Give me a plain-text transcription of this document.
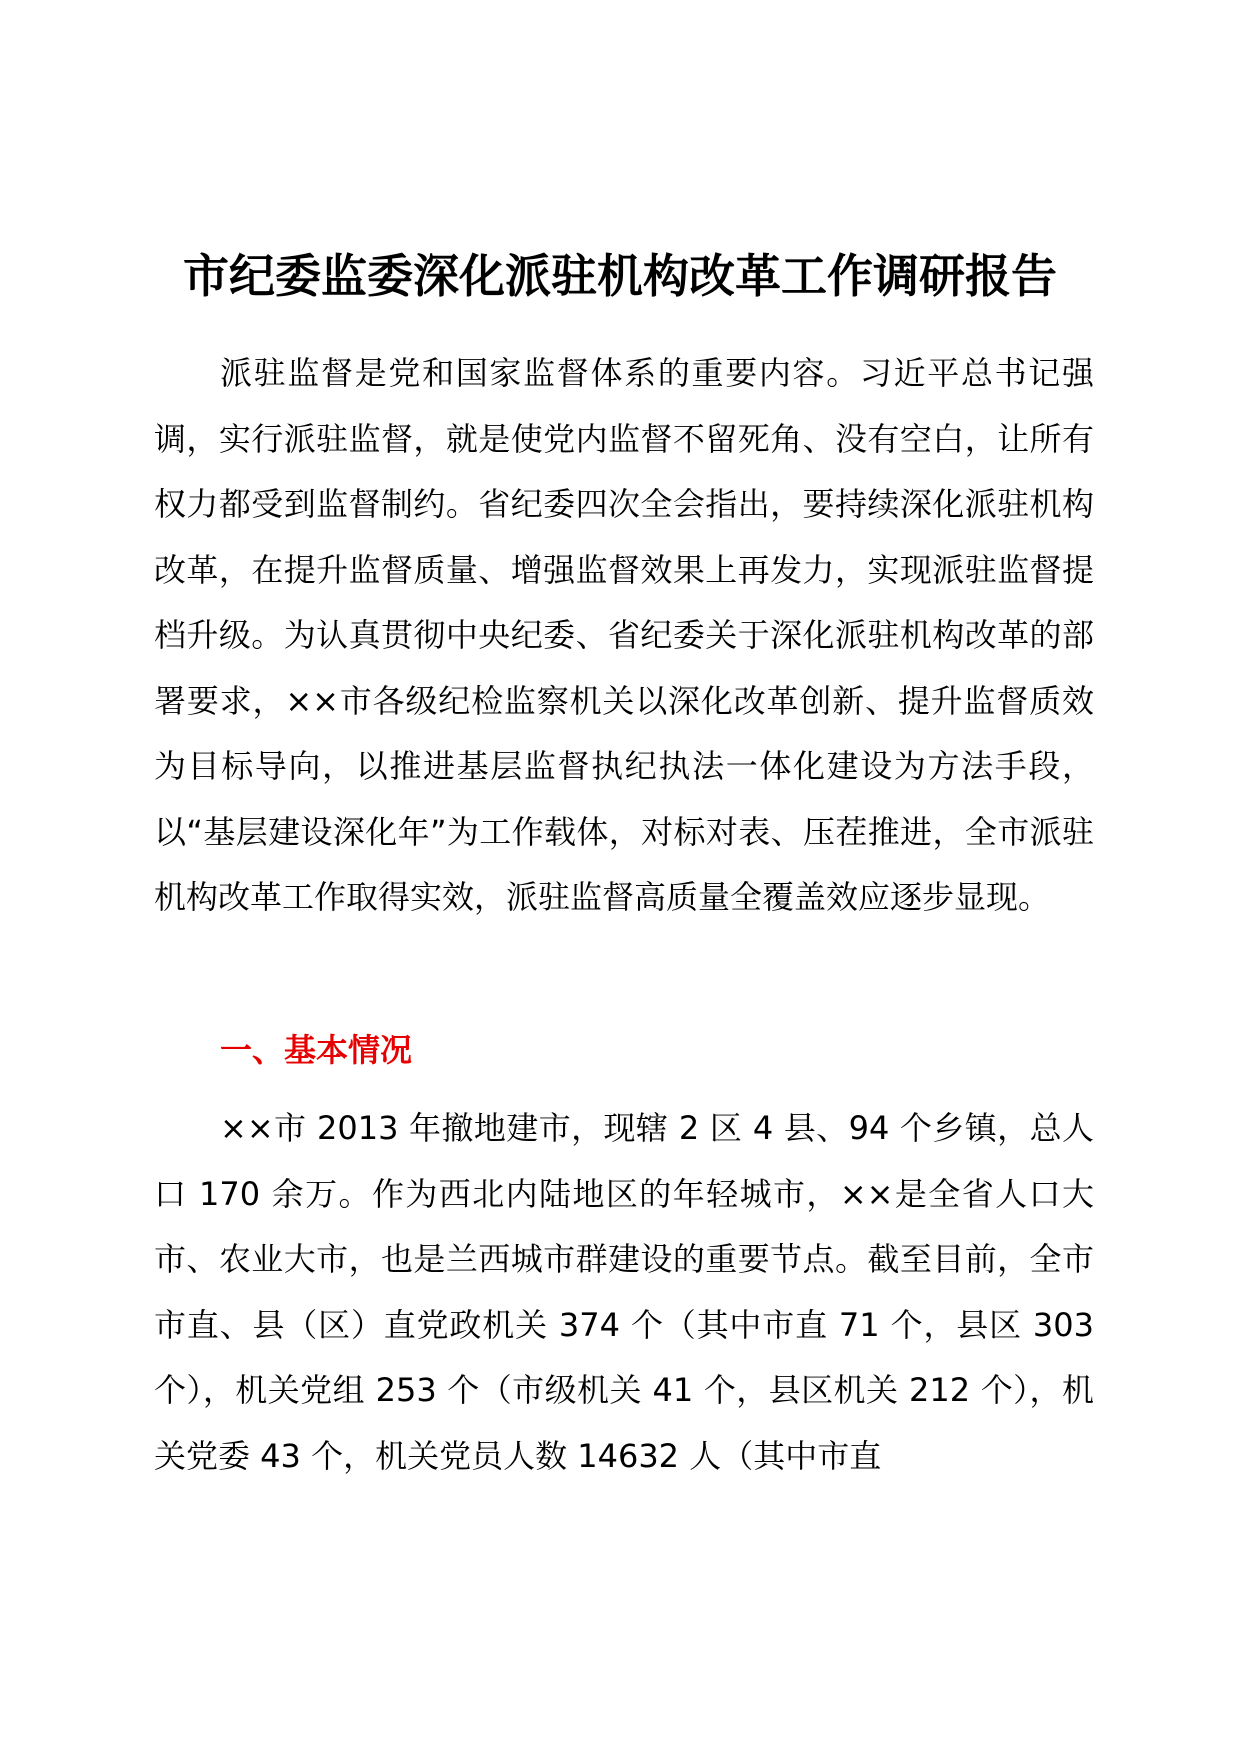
市纪委监委深化派驻机构改革工作调研报告

派驻监督是党和国家监督体系的重要内容。习近平总书记强调，实行派驻监督，就是使党内监督不留死角、没有空白，让所有权力都受到监督制约。省纪委四次全会指出，要持续深化派驻机构改革，在提升监督质量、增强监督效果上再发力，实现派驻监督提档升级。为认真贯彻中央纪委、省纪委关于深化派驻机构改革的部署要求，××市各级纪检监察机关以深化改革创新、提升监督质效为目标导向，以推进基层监督执纪执法一体化建设为方法手段，以“基层建设深化年”为工作载体，对标对表、压茬推进，全市派驻机构改革工作取得实效，派驻监督高质量全覆盖效应逐步显现。

一、基本情况

××市 2013 年撤地建市，现辖 2 区 4 县、94 个乡镇，总人口 170 余万。作为西北内陆地区的年轻城市，××是全省人口大市、农业大市，也是兰西城市群建设的重要节点。截至目前，全市市直、县（区）直党政机关 374 个（其中市直 71 个，县区 303 个），机关党组 253 个（市级机关 41 个，县区机关 212 个），机关党委 43 个，机关党员人数 14632 人（其中市直
